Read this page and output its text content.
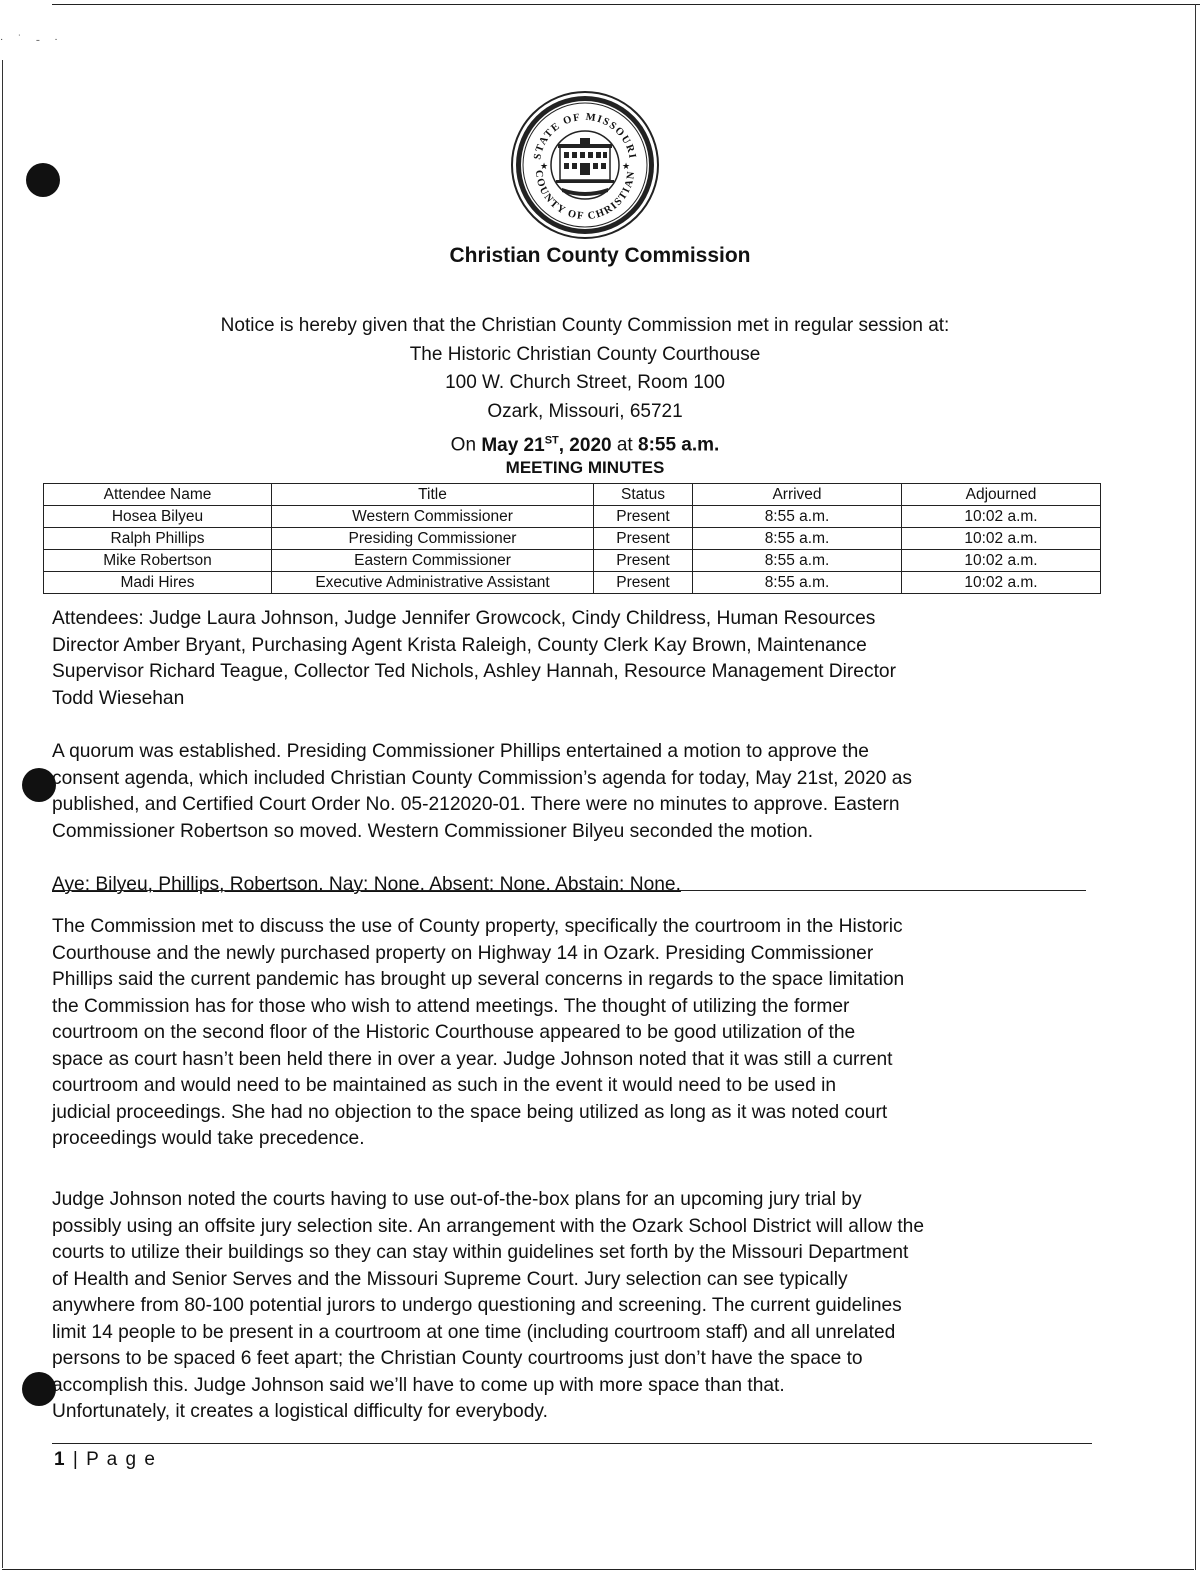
· ˙ ˗ ·
STATE OF MISSOURI
COUNTY OF CHRISTIAN
★	★
Christian County Commission
Notice is hereby given that the Christian County Commission met in regular session at:
The Historic Christian County Courthouse
100 W. Church Street, Room 100
Ozark, Missouri, 65721
On May 21ST, 2020 at 8:55 a.m.
MEETING MINUTES
Attendee Name	Title	Status	Arrived	Adjourned
Hosea Bilyeu	Western Commissioner	Present	8:55 a.m.	10:02 a.m.
Ralph Phillips	Presiding Commissioner	Present	8:55 a.m.	10:02 a.m.
Mike Robertson	Eastern Commissioner	Present	8:55 a.m.	10:02 a.m.
Madi Hires	Executive Administrative Assistant	Present	8:55 a.m.	10:02 a.m.
Attendees: Judge Laura Johnson, Judge Jennifer Growcock, Cindy Childress, Human Resources
Director Amber Bryant, Purchasing Agent Krista Raleigh, County Clerk Kay Brown, Maintenance
Supervisor Richard Teague, Collector Ted Nichols, Ashley Hannah, Resource Management Director
Todd Wiesehan
A quorum was established. Presiding Commissioner Phillips entertained a motion to approve the
consent agenda, which included Christian County Commission’s agenda for today, May 21st, 2020 as
published, and Certified Court Order No. 05-212020-01. There were no minutes to approve. Eastern
Commissioner Robertson so moved. Western Commissioner Bilyeu seconded the motion.
Aye: Bilyeu, Phillips, Robertson. Nay: None. Absent: None. Abstain: None.
The Commission met to discuss the use of County property, specifically the courtroom in the Historic
Courthouse and the newly purchased property on Highway 14 in Ozark. Presiding Commissioner
Phillips said the current pandemic has brought up several concerns in regards to the space limitation
the Commission has for those who wish to attend meetings. The thought of utilizing the former
courtroom on the second floor of the Historic Courthouse appeared to be good utilization of the
space as court hasn’t been held there in over a year. Judge Johnson noted that it was still a current
courtroom and would need to be maintained as such in the event it would need to be used in
judicial proceedings. She had no objection to the space being utilized as long as it was noted court
proceedings would take precedence.
Judge Johnson noted the courts having to use out-of-the-box plans for an upcoming jury trial by
possibly using an offsite jury selection site. An arrangement with the Ozark School District will allow the
courts to utilize their buildings so they can stay within guidelines set forth by the Missouri Department
of Health and Senior Serves and the Missouri Supreme Court. Jury selection can see typically
anywhere from 80-100 potential jurors to undergo questioning and screening. The current guidelines
limit 14 people to be present in a courtroom at one time (including courtroom staff) and all unrelated
persons to be spaced 6 feet apart; the Christian County courtrooms just don’t have the space to
accomplish this. Judge Johnson said we’ll have to come up with more space than that.
Unfortunately, it creates a logistical difficulty for everybody.
1 | P a g e
